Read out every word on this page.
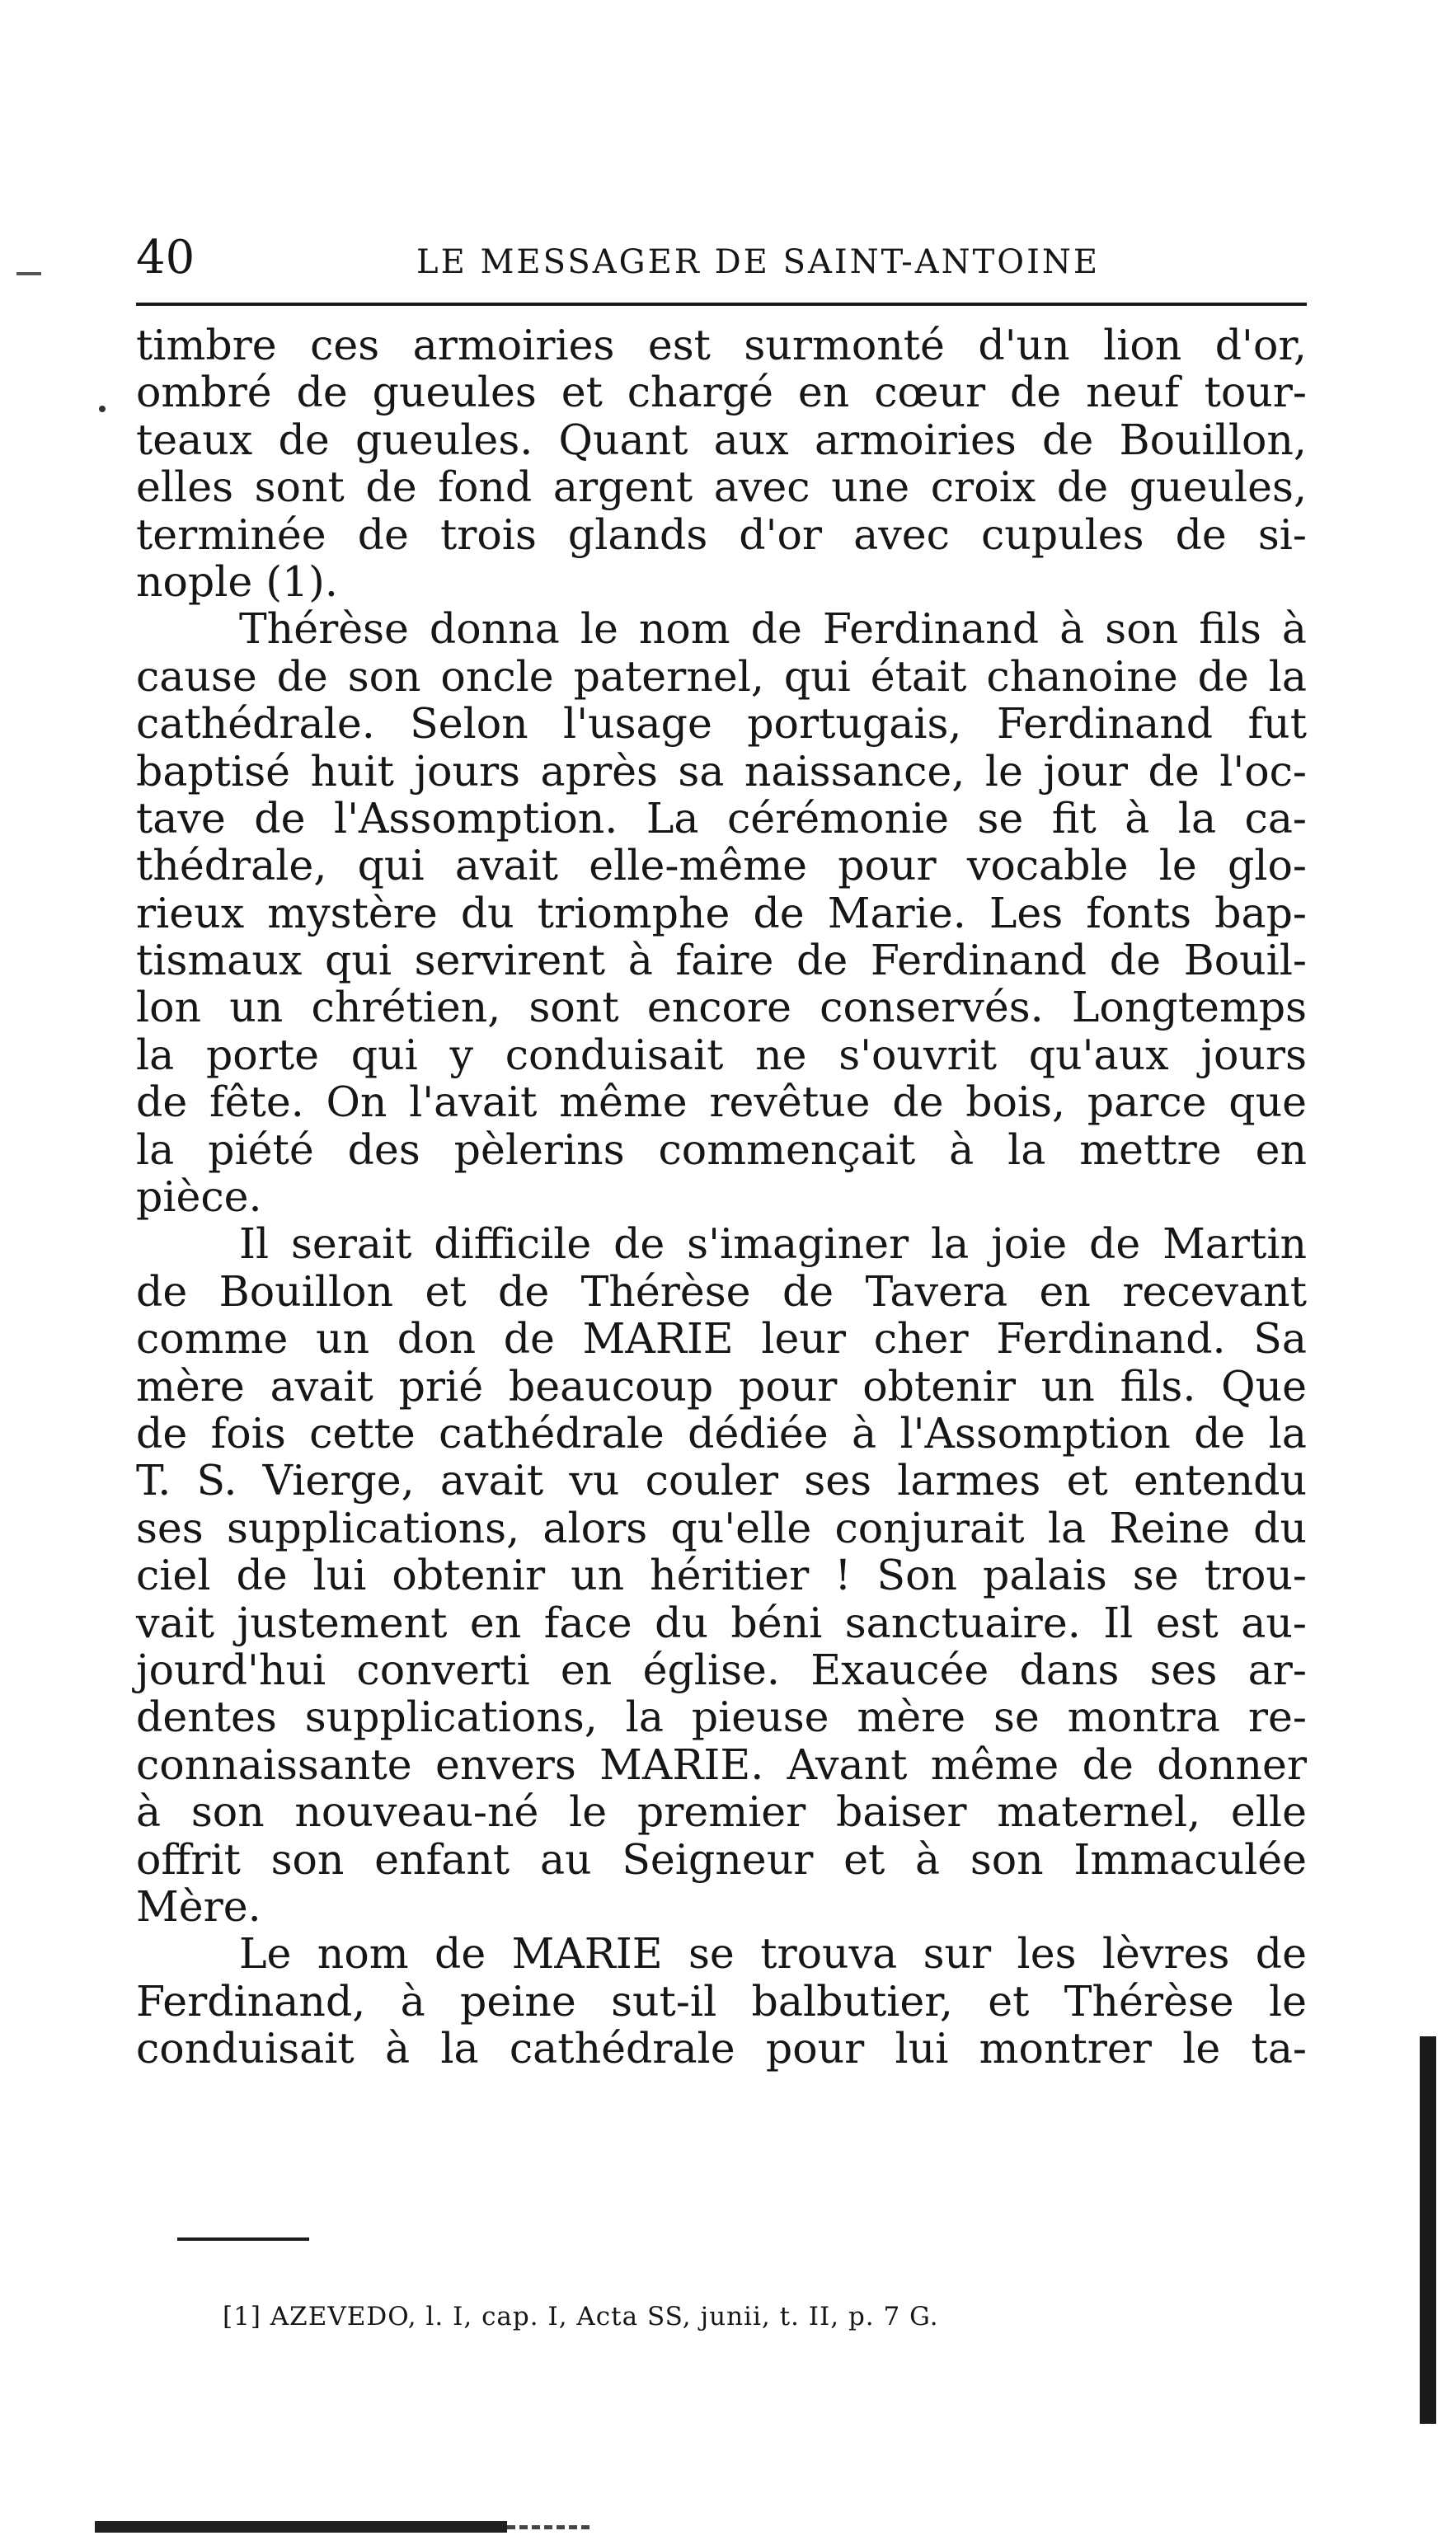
40	LE MESSAGER DE SAINT-ANTOINE

timbre ces armoiries est surmonté d'un lion d'or,
ombré de gueules et chargé en cœur de neuf tour-
teaux de gueules. Quant aux armoiries de Bouillon,
elles sont de fond argent avec une croix de gueules,
terminée de trois glands d'or avec cupules de si-
nople (1).

Thérèse donna le nom de Ferdinand à son fils à
cause de son oncle paternel, qui était chanoine de la
cathédrale. Selon l'usage portugais, Ferdinand fut
baptisé huit jours après sa naissance, le jour de l'oc-
tave de l'Assomption. La cérémonie se fit à la ca-
thédrale, qui avait elle-même pour vocable le glo-
rieux mystère du triomphe de Marie. Les fonts bap-
tismaux qui servirent à faire de Ferdinand de Bouil-
lon un chrétien, sont encore conservés. Longtemps
la porte qui y conduisait ne s'ouvrit qu'aux jours
de fête. On l'avait même revêtue de bois, parce que
la piété des pèlerins commençait à la mettre en
pièce.

Il serait difficile de s'imaginer la joie de Martin
de Bouillon et de Thérèse de Tavera en recevant
comme un don de MARIE leur cher Ferdinand. Sa
mère avait prié beaucoup pour obtenir un fils. Que
de fois cette cathédrale dédiée à l'Assomption de la
T. S. Vierge, avait vu couler ses larmes et entendu
ses supplications, alors qu'elle conjurait la Reine du
ciel de lui obtenir un héritier ! Son palais se trou-
vait justement en face du béni sanctuaire. Il est au-
jourd'hui converti en église. Exaucée dans ses ar-
dentes supplications, la pieuse mère se montra re-
connaissante envers MARIE. Avant même de donner
à son nouveau-né le premier baiser maternel, elle
offrit son enfant au Seigneur et à son Immaculée
Mère.

Le nom de MARIE se trouva sur les lèvres de
Ferdinand, à peine sut-il balbutier, et Thérèse le
conduisait à la cathédrale pour lui montrer le ta-

[1] AZEVEDO, l. I, cap. I, Acta SS, junii, t. II, p. 7 G.
